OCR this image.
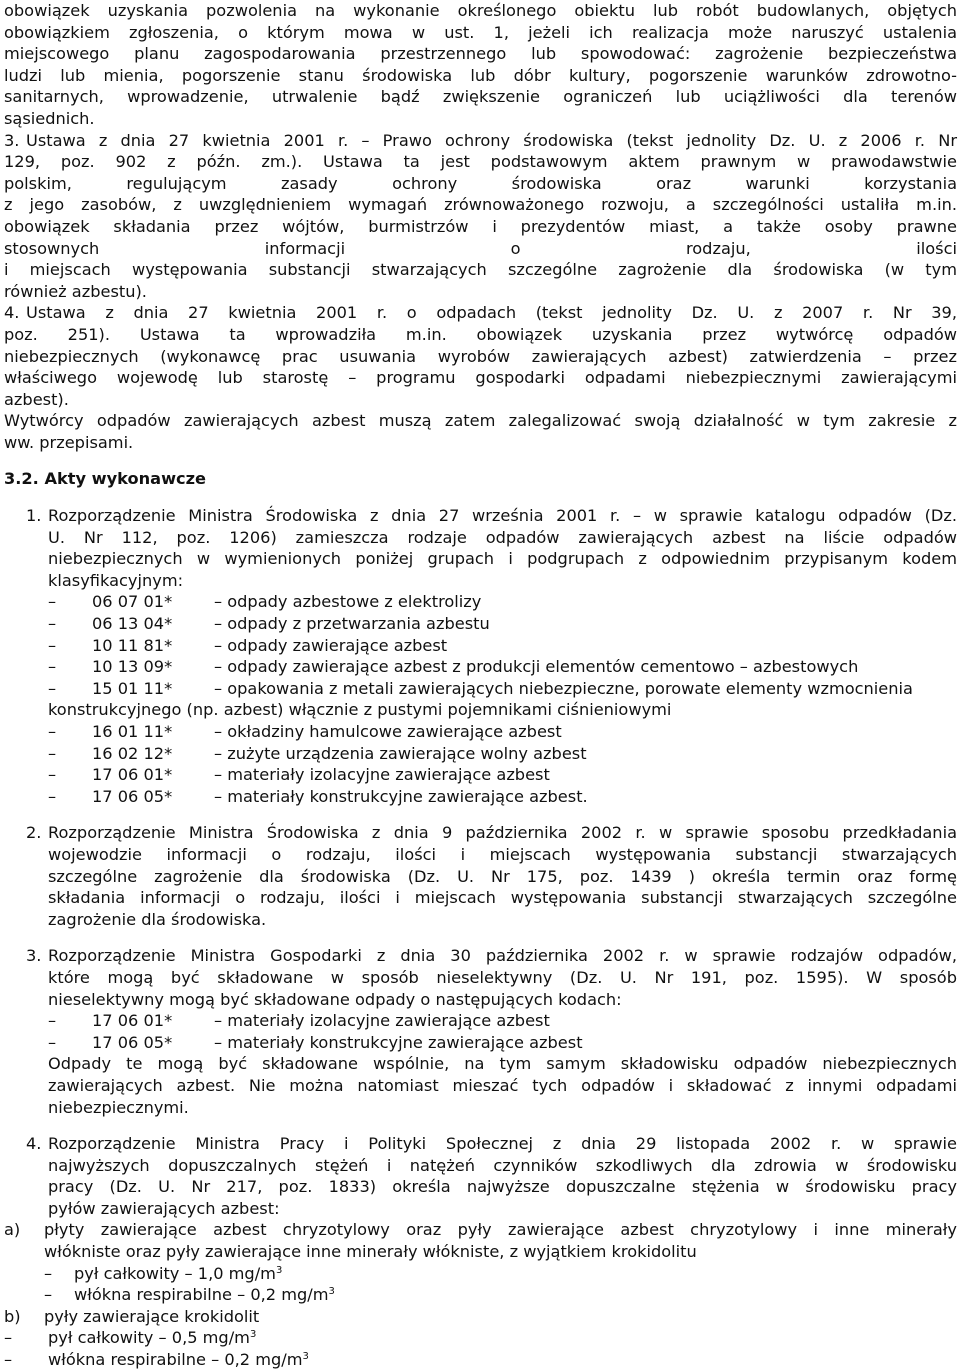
obowiązek uzyskania pozwolenia na wykonanie określonego obiektu lub robót budowlanych, objętych

obowiązkiem zgłoszenia, o którym mowa w ust. 1, jeżeli ich realizacja może naruszyć ustalenia

miejscowego planu zagospodarowania przestrzennego lub spowodować: zagrożenie bezpieczeństwa

ludzi lub mienia, pogorszenie stanu środowiska lub dóbr kultury, pogorszenie warunków zdrowotno-

sanitarnych, wprowadzenie, utrwalenie bądź zwiększenie ograniczeń lub uciążliwości dla terenów

sąsiednich.

3. Ustawa z dnia 27 kwietnia 2001 r. – Prawo ochrony środowiska (tekst jednolity Dz. U. z 2006 r. Nr

129, poz. 902 z późn. zm.). Ustawa ta jest podstawowym aktem prawnym w prawodawstwie

polskim, regulującym zasady ochrony środowiska oraz warunki korzystania

z jego zasobów, z uwzględnieniem wymagań zrównoważonego rozwoju, a szczególności ustaliła m.in.

obowiązek składania przez wójtów, burmistrzów i prezydentów miast, a także osoby prawne

stosownych informacji o rodzaju, ilości

i miejscach występowania substancji stwarzających szczególne zagrożenie dla środowiska (w tym

również azbestu).

4. Ustawa z dnia 27 kwietnia 2001 r. o odpadach (tekst jednolity Dz. U. z 2007 r. Nr 39,

poz. 251). Ustawa ta wprowadziła m.in. obowiązek uzyskania przez wytwórcę odpadów

niebezpiecznych (wykonawcę prac usuwania wyrobów zawierających azbest) zatwierdzenia – przez

właściwego wojewodę lub starostę – programu gospodarki odpadami niebezpiecznymi zawierającymi

azbest).

Wytwórcy odpadów zawierających azbest muszą zatem zalegalizować swoją działalność w tym zakresie z

ww. przepisami.

3.2. Akty wykonawcze

1. Rozporządzenie Ministra Środowiska z dnia 27 września 2001 r. – w sprawie katalogu odpadów (Dz.

U. Nr 112, poz. 1206) zamieszcza rodzaje odpadów zawierających azbest na liście odpadów

niebezpiecznych w wymienionych poniżej grupach i podgrupach z odpowiednim przypisanym kodem

klasyfikacyjnym:

– 06 07 01*	– odpady azbestowe z elektrolizy
– 06 13 04*	– odpady z przetwarzania azbestu
– 10 11 81*	– odpady zawierające azbest
– 10 13 09*	– odpady zawierające azbest z produkcji elementów cementowo – azbestowych
– 15 01 11*	– opakowania z metali zawierających niebezpieczne, porowate elementy wzmocnienia
konstrukcyjnego (np. azbest) włącznie z pustymi pojemnikami ciśnieniowymi
– 16 01 11*	– okładziny hamulcowe zawierające azbest
– 16 02 12*	– zużyte urządzenia zawierające wolny azbest
– 17 06 01*	– materiały izolacyjne zawierające azbest
– 17 06 05*	– materiały konstrukcyjne zawierające azbest.
2. Rozporządzenie Ministra Środowiska z dnia 9 października 2002 r. w sprawie sposobu przedkładania

wojewodzie informacji o rodzaju, ilości i miejscach występowania substancji stwarzających

szczególne zagrożenie dla środowiska (Dz. U. Nr 175, poz. 1439 ) określa termin oraz formę

składania informacji o rodzaju, ilości i miejscach występowania substancji stwarzających szczególne

zagrożenie dla środowiska.

3. Rozporządzenie Ministra Gospodarki z dnia 30 października 2002 r. w sprawie rodzajów odpadów,

które mogą być składowane w sposób nieselektywny (Dz. U. Nr 191, poz. 1595). W sposób

nieselektywny mogą być składowane odpady o następujących kodach:

– 17 06 01*	– materiały izolacyjne zawierające azbest
– 17 06 05*	– materiały konstrukcyjne zawierające azbest

Odpady te mogą być składowane wspólnie, na tym samym składowisku odpadów niebezpiecznych

zawierających azbest. Nie można natomiast mieszać tych odpadów i składować z innymi odpadami

niebezpiecznymi.

4. Rozporządzenie Ministra Pracy i Polityki Społecznej z dnia 29 listopada 2002 r. w sprawie

najwyższych dopuszczalnych stężeń i natężeń czynników szkodliwych dla zdrowia w środowisku

pracy (Dz. U. Nr 217, poz. 1833) określa najwyższe dopuszczalne stężenia w środowisku pracy

pyłów zawierających azbest:

a) płyty zawierające azbest chryzotylowy oraz pyły zawierające azbest chryzotylowy i inne minerały

włókniste oraz pyły zawierające inne minerały włókniste, z wyjątkiem krokidolitu

– pył całkowity – 1,0 $mg/m^3$
– włókna respirabilne – 0,2 $mg/m^3$
b) pyły zawierające krokidolit

– pył całkowity – 0,5 $mg/m^3$
– włókna respirabilne – 0,2 $mg/m^3$
